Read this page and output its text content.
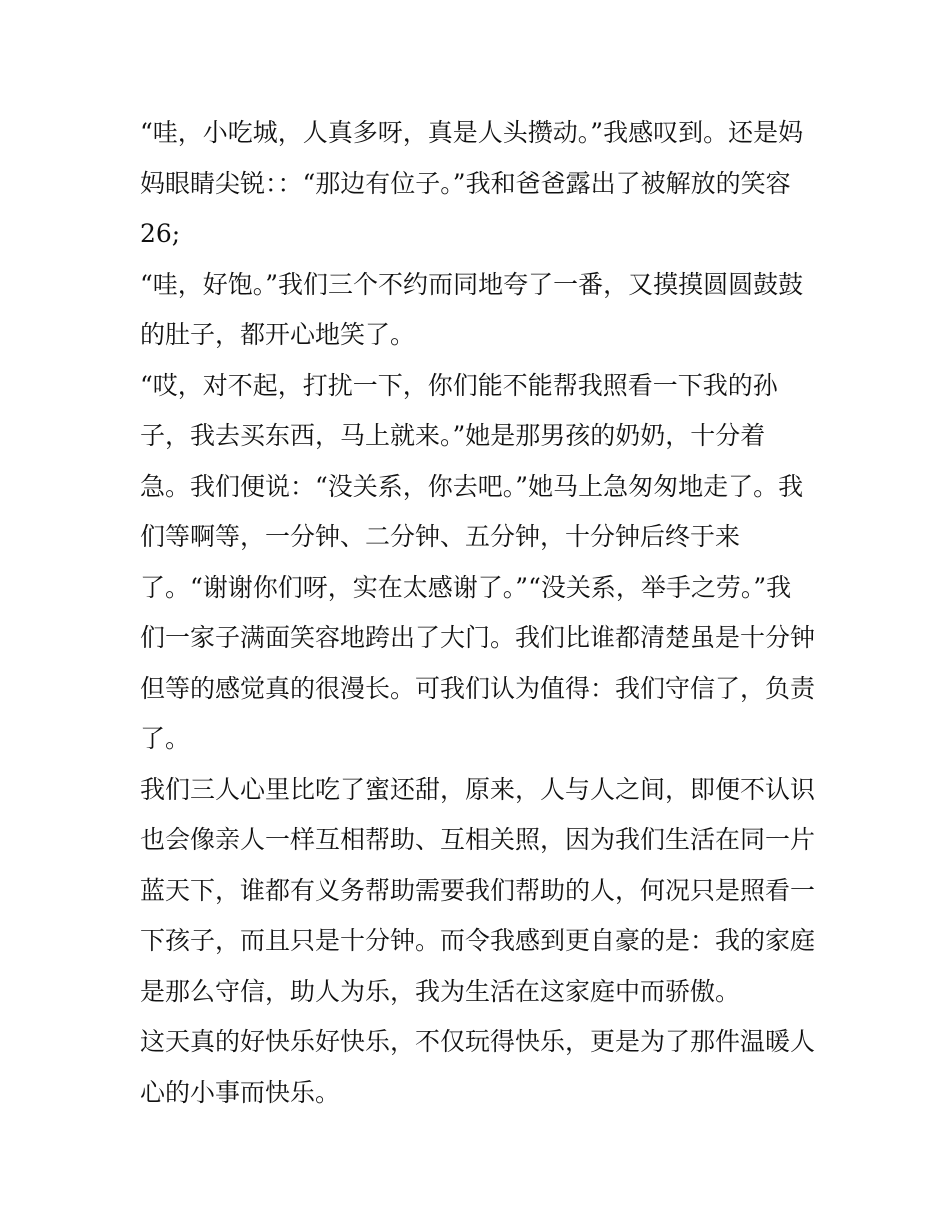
“哇，小吃城，人真多呀，真是人头攒动。”我感叹到。还是妈
妈眼睛尖锐：：“那边有位子。”我和爸爸露出了被解放的笑容
26;
“哇，好饱。”我们三个不约而同地夸了一番，又摸摸圆圆鼓鼓
的肚子，都开心地笑了。
“哎，对不起，打扰一下，你们能不能帮我照看一下我的孙
子，我去买东西，马上就来。”她是那男孩的奶奶，十分着
急。我们便说：“没关系，你去吧。”她马上急匆匆地走了。我
们等啊等，一分钟、二分钟、五分钟，十分钟后终于来
了。“谢谢你们呀，实在太感谢了。”“没关系，举手之劳。”我
们一家子满面笑容地跨出了大门。我们比谁都清楚虽是十分钟
但等的感觉真的很漫长。可我们认为值得：我们守信了，负责
了。
我们三人心里比吃了蜜还甜，原来，人与人之间，即便不认识
也会像亲人一样互相帮助、互相关照，因为我们生活在同一片
蓝天下，谁都有义务帮助需要我们帮助的人，何况只是照看一
下孩子，而且只是十分钟。而令我感到更自豪的是：我的家庭
是那么守信，助人为乐，我为生活在这家庭中而骄傲。
这天真的好快乐好快乐，不仅玩得快乐，更是为了那件温暖人
心的小事而快乐。
